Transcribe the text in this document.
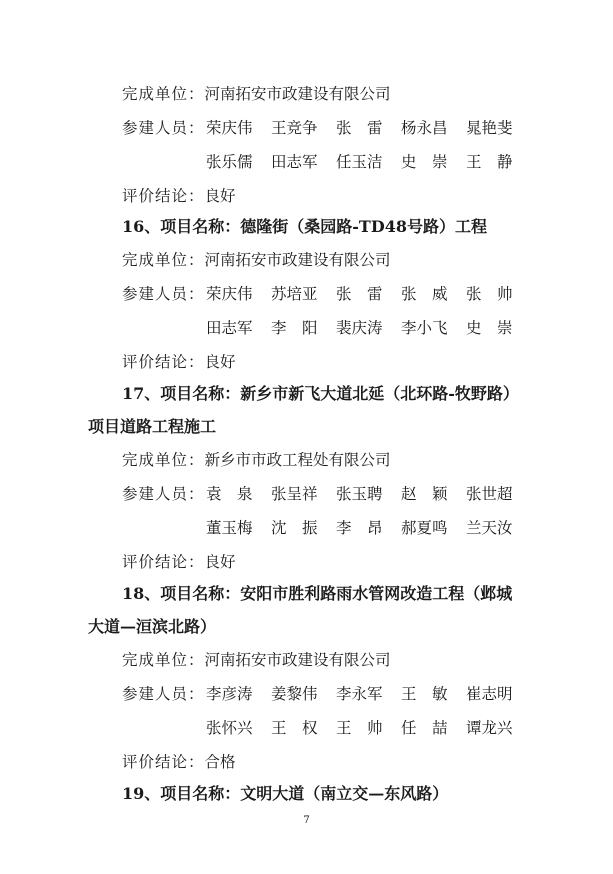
完成单位：河南拓安市政建设有限公司
参建人员： 荣庆伟 王竞争 张　雷 杨永昌 晁艳斐
张乐儒 田志军 任玉洁 史　崇 王　静
评价结论：良好
16、项目名称：德隆街（桑园路-TD48号路）工程
完成单位：河南拓安市政建设有限公司
参建人员： 荣庆伟 苏培亚 张　雷 张　威 张　帅
田志军 李　阳 裴庆涛 李小飞 史　崇
评价结论：良好
17、项目名称：新乡市新飞大道北延（北环路-牧野路）
项目道路工程施工
完成单位：新乡市市政工程处有限公司
参建人员： 袁　泉 张呈祥 张玉聘 赵　颖 张世超
董玉梅 沈　振 李　昂 郝夏鸣 兰天汝
评价结论：良好
18、项目名称：安阳市胜利路雨水管网改造工程（邺城
大道—洹滨北路）
完成单位：河南拓安市政建设有限公司
参建人员： 李彦涛 姜黎伟 李永军 王　敏 崔志明
张怀兴 王　权 王　帅 任　喆 谭龙兴
评价结论：合格
19、项目名称：文明大道（南立交—东风路）
7
